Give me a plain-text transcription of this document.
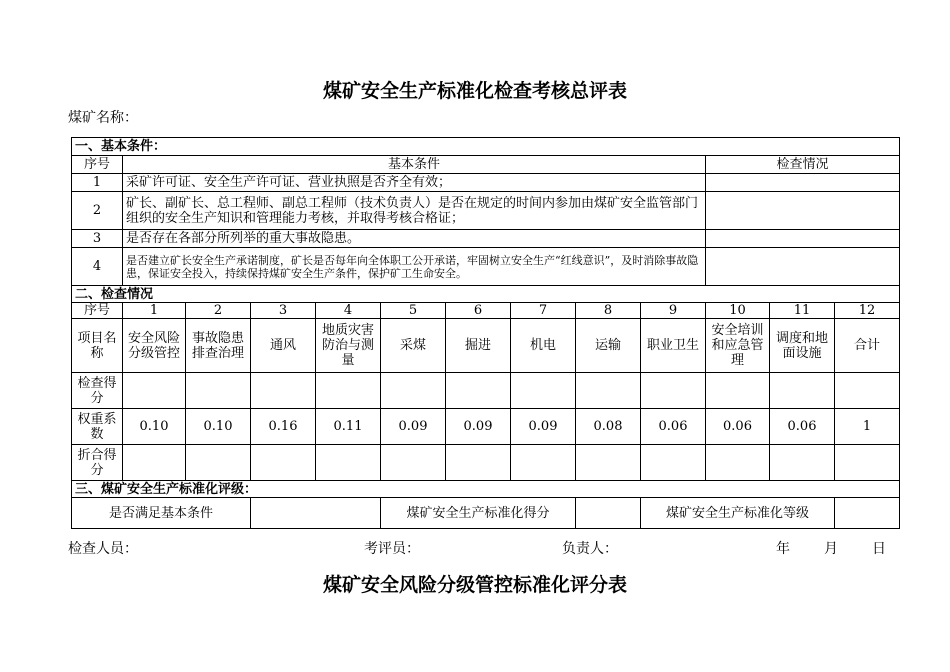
煤矿安全生产标准化检查考核总评表
煤矿名称：
一、基本条件：												
序号	基本条件									检查情况		
1	采矿许可证、安全生产许可证、营业执照是否齐全有效；											
2	矿长、副矿长、总工程师、副总工程师（技术负责人）是否在规定的时间内参加由煤矿安全监管部门组织的安全生产知识和管理能力考核，并取得考核合格证；											
3	是否存在各部分所列举的重大事故隐患。											
4	是否建立矿长安全生产承诺制度，矿长是否每年向全体职工公开承诺，牢固树立安全生产“红线意识”，及时消除事故隐患，保证安全投入，持续保持煤矿安全生产条件，保护矿工生命安全。											
二、检查情况												
序号	1	2	3	4	5	6	7	8	9	10	11	12
项目名称	安全风险分级管控	事故隐患排查治理	通风	地质灾害防治与测量	采煤	掘进	机电	运输	职业卫生	安全培训和应急管理	调度和地面设施	合计
检查得分												
权重系数	0.10	0.10	0.16	0.11	0.09	0.09	0.09	0.08	0.06	0.06	0.06	1
折合得分												
三、煤矿安全生产标准化评级：												
是否满足基本条件					煤矿安全生产标准化得分				煤矿安全生产标准化等级			
检查人员：	考评员：	负责人：	年 月 日
煤矿安全风险分级管控标准化评分表
